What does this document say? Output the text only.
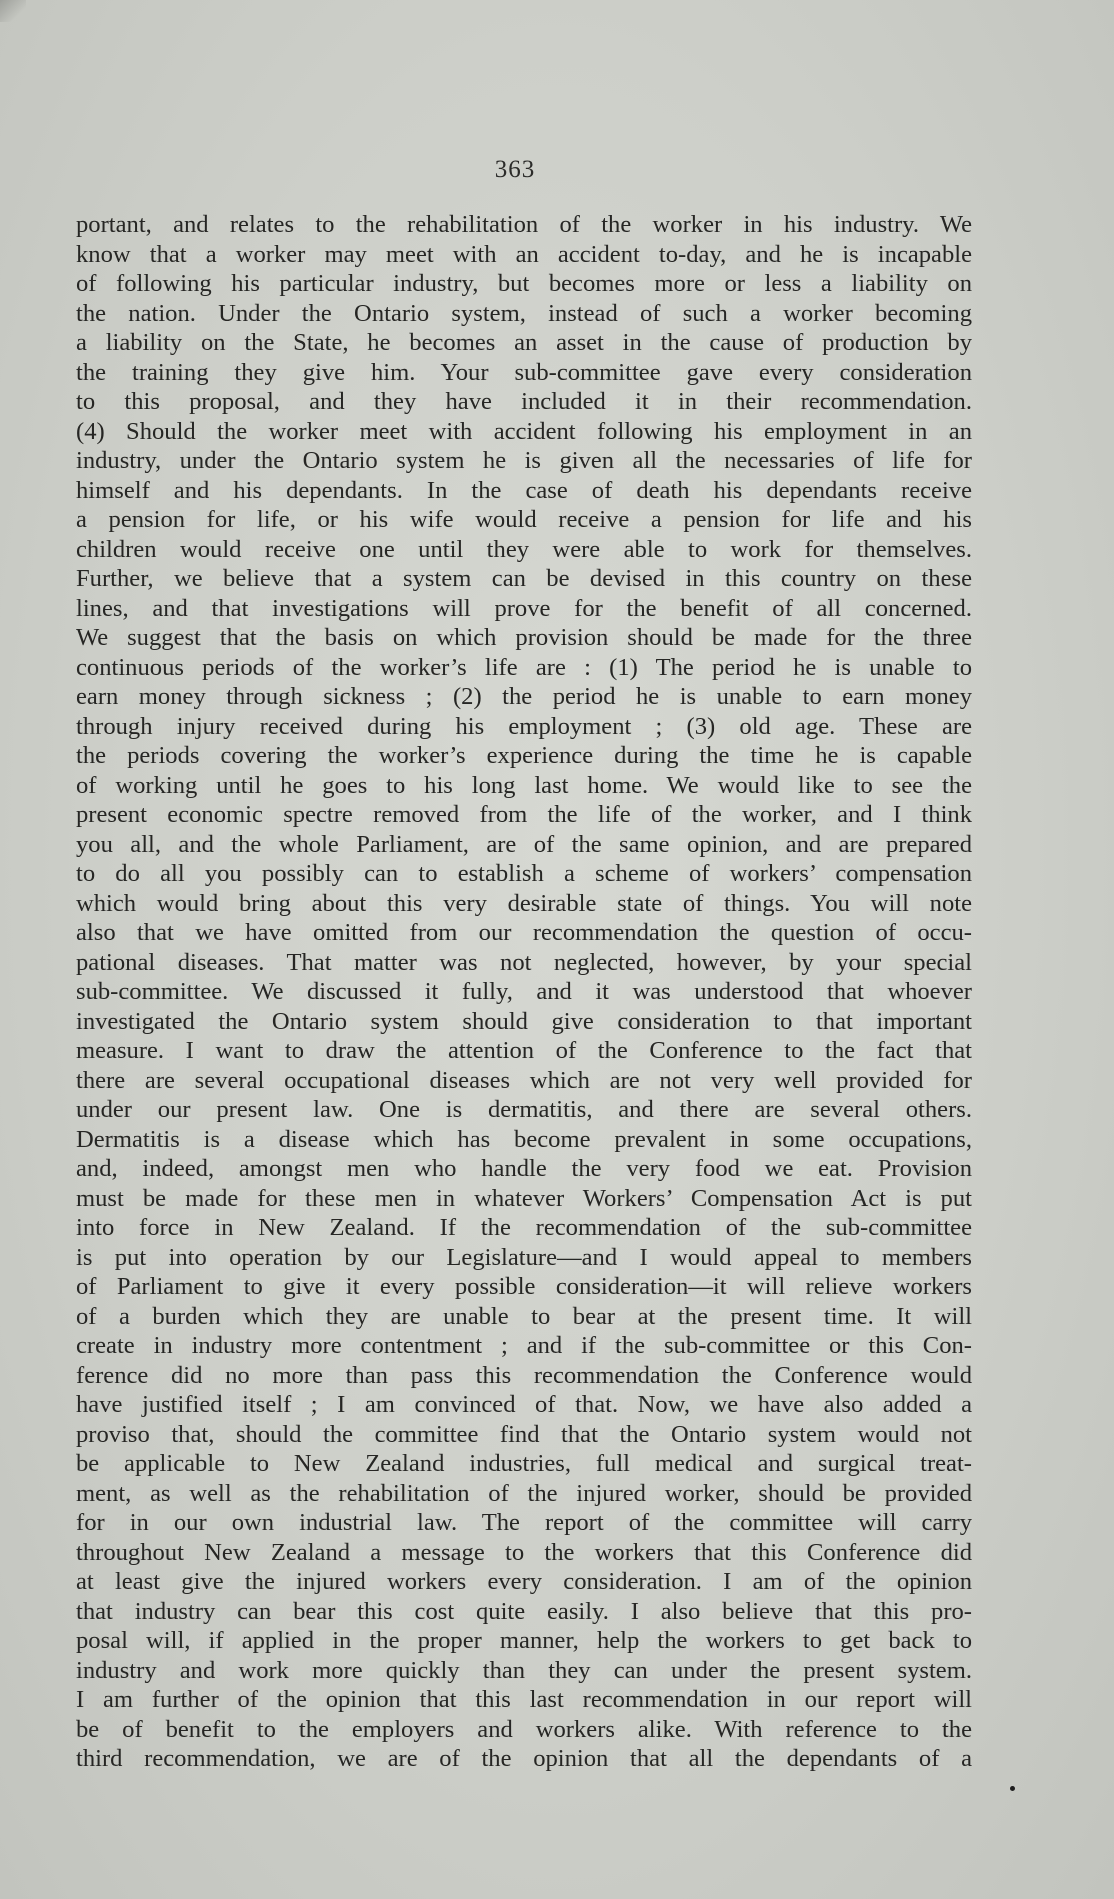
363
portant, and relates to the rehabilitation of the worker in his industry. We
know that a worker may meet with an accident to-day, and he is incapable
of following his particular industry, but becomes more or less a liability on
the nation. Under the Ontario system, instead of such a worker becoming
a liability on the State, he becomes an asset in the cause of production by
the training they give him. Your sub-committee gave every consideration
to this proposal, and they have included it in their recommendation.
(4) Should the worker meet with accident following his employment in an
industry, under the Ontario system he is given all the necessaries of life for
himself and his dependants. In the case of death his dependants receive
a pension for life, or his wife would receive a pension for life and his
children would receive one until they were able to work for themselves.
Further, we believe that a system can be devised in this country on these
lines, and that investigations will prove for the benefit of all concerned.
We suggest that the basis on which provision should be made for the three
continuous periods of the worker’s life are : (1) The period he is unable to
earn money through sickness ; (2) the period he is unable to earn money
through injury received during his employment ; (3) old age. These are
the periods covering the worker’s experience during the time he is capable
of working until he goes to his long last home. We would like to see the
present economic spectre removed from the life of the worker, and I think
you all, and the whole Parliament, are of the same opinion, and are prepared
to do all you possibly can to establish a scheme of workers’ compensation
which would bring about this very desirable state of things. You will note
also that we have omitted from our recommendation the question of occu-
pational diseases. That matter was not neglected, however, by your special
sub-committee. We discussed it fully, and it was understood that whoever
investigated the Ontario system should give consideration to that important
measure. I want to draw the attention of the Conference to the fact that
there are several occupational diseases which are not very well provided for
under our present law. One is dermatitis, and there are several others.
Dermatitis is a disease which has become prevalent in some occupations,
and, indeed, amongst men who handle the very food we eat. Provision
must be made for these men in whatever Workers’ Compensation Act is put
into force in New Zealand. If the recommendation of the sub-committee
is put into operation by our Legislature—and I would appeal to members
of Parliament to give it every possible consideration—it will relieve workers
of a burden which they are unable to bear at the present time. It will
create in industry more contentment ; and if the sub-committee or this Con-
ference did no more than pass this recommendation the Conference would
have justified itself ; I am convinced of that. Now, we have also added a
proviso that, should the committee find that the Ontario system would not
be applicable to New Zealand industries, full medical and surgical treat-
ment, as well as the rehabilitation of the injured worker, should be provided
for in our own industrial law. The report of the committee will carry
throughout New Zealand a message to the workers that this Conference did
at least give the injured workers every consideration. I am of the opinion
that industry can bear this cost quite easily. I also believe that this pro-
posal will, if applied in the proper manner, help the workers to get back to
industry and work more quickly than they can under the present system.
I am further of the opinion that this last recommendation in our report will
be of benefit to the employers and workers alike. With reference to the
third recommendation, we are of the opinion that all the dependants of a
